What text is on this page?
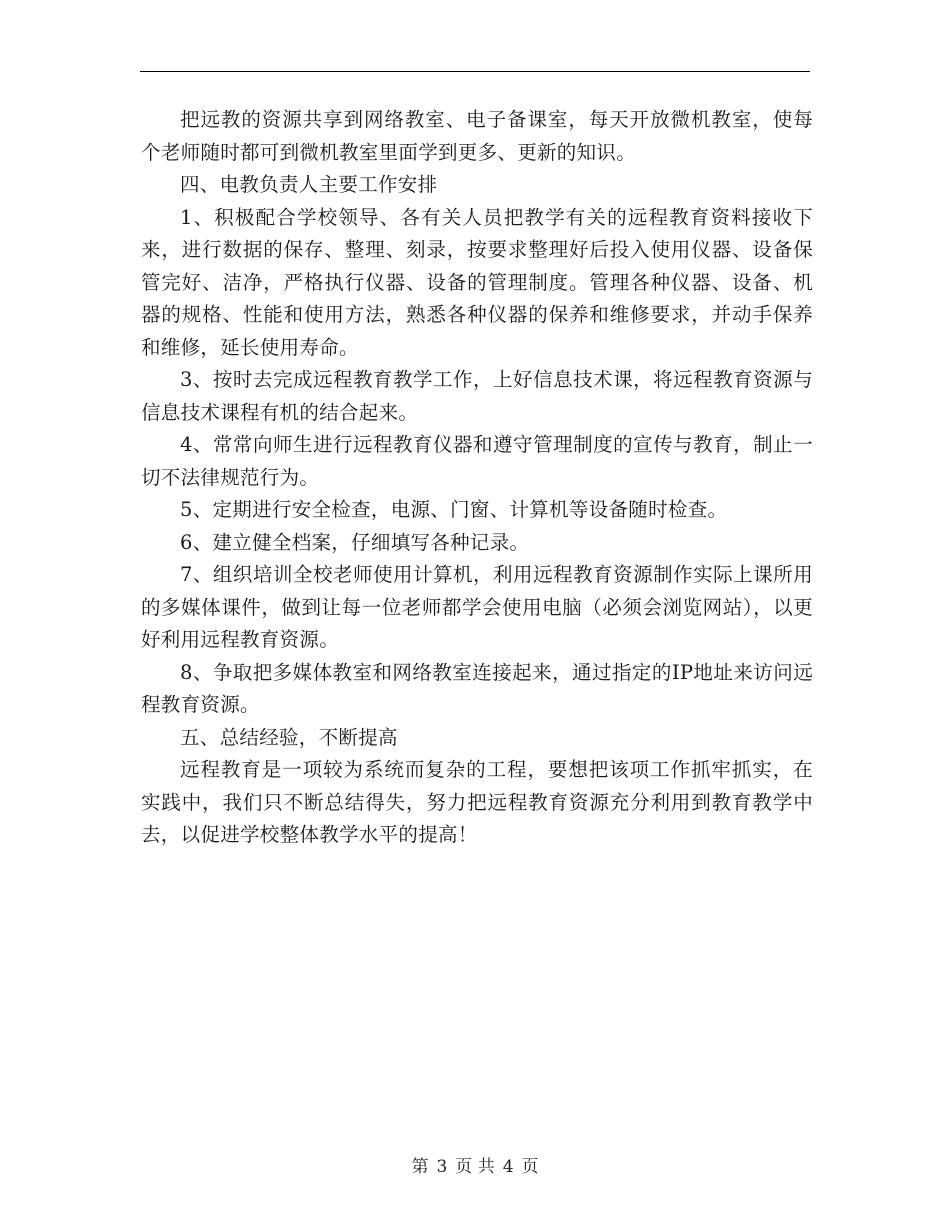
把远教的资源共享到网络教室、电子备课室，每天开放微机教室，使每个老师随时都可到微机教室里面学到更多、更新的知识。

四、电教负责人主要工作安排

1、积极配合学校领导、各有关人员把教学有关的远程教育资料接收下来，进行数据的保存、整理、刻录，按要求整理好后投入使用仪器、设备保管完好、洁净，严格执行仪器、设备的管理制度。管理各种仪器、设备、机器的规格、性能和使用方法，熟悉各种仪器的保养和维修要求，并动手保养和维修，延长使用寿命。

3、按时去完成远程教育教学工作，上好信息技术课，将远程教育资源与信息技术课程有机的结合起来。

4、常常向师生进行远程教育仪器和遵守管理制度的宣传与教育，制止一切不法律规范行为。

5、定期进行安全检查，电源、门窗、计算机等设备随时检查。

6、建立健全档案，仔细填写各种记录。

7、组织培训全校老师使用计算机，利用远程教育资源制作实际上课所用的多媒体课件，做到让每一位老师都学会使用电脑（必须会浏览网站），以更好利用远程教育资源。

8、争取把多媒体教室和网络教室连接起来，通过指定的IP地址来访问远程教育资源。

五、总结经验，不断提高

远程教育是一项较为系统而复杂的工程，要想把该项工作抓牢抓实，在实践中，我们只不断总结得失，努力把远程教育资源充分利用到教育教学中去，以促进学校整体教学水平的提高！

第 3 页 共 4 页
